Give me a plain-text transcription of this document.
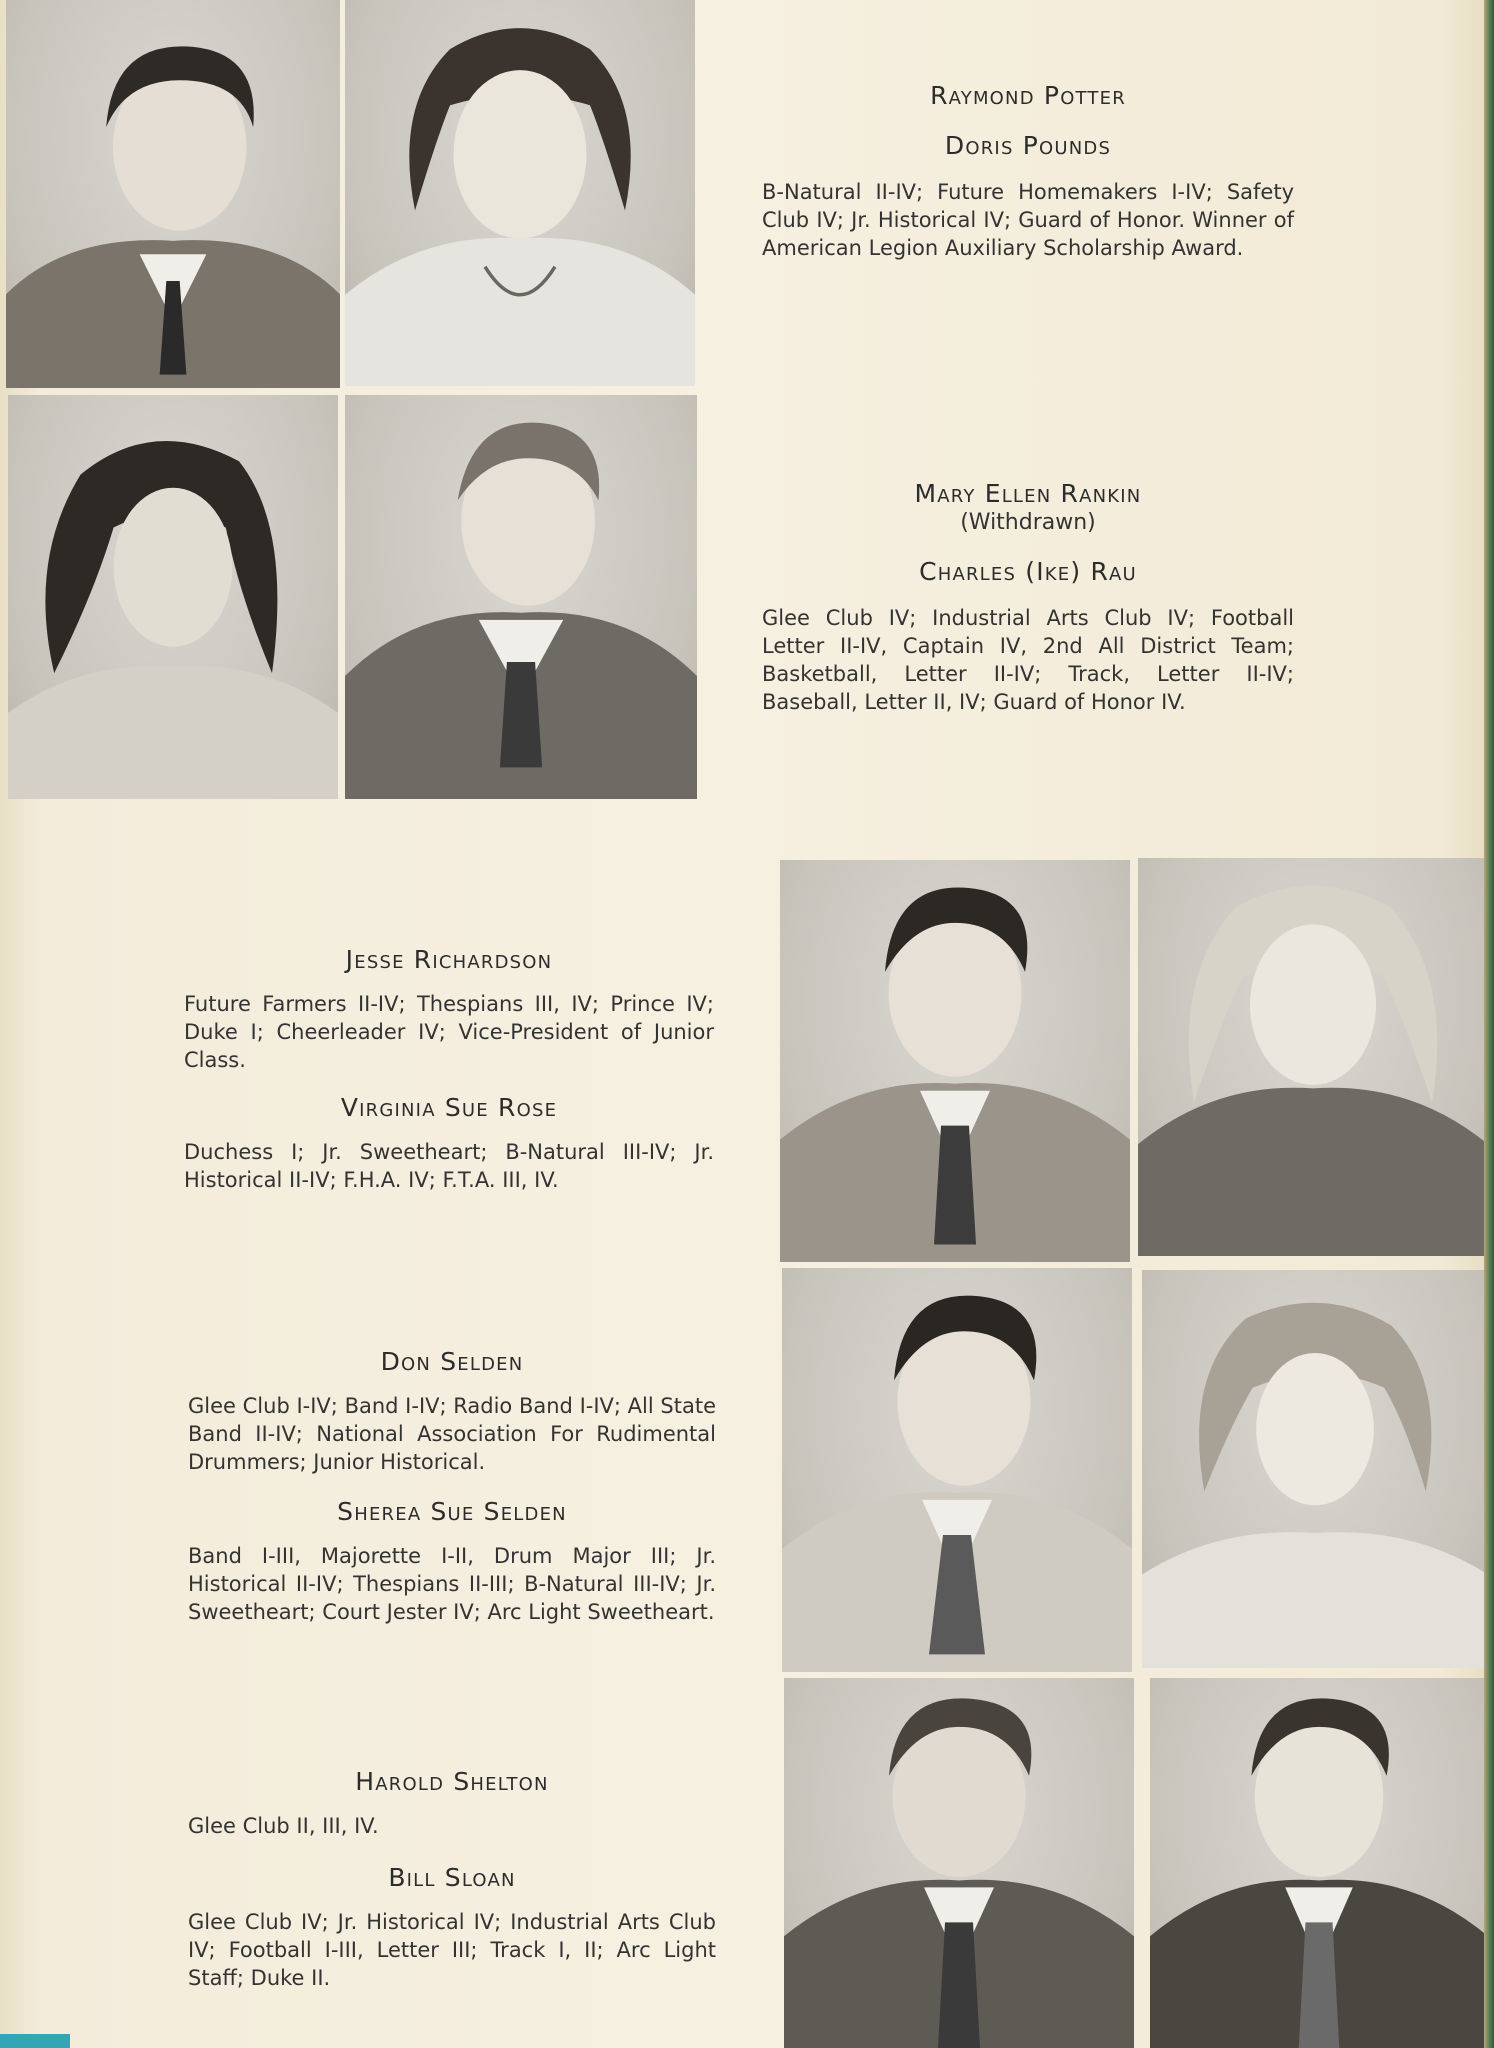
Raymond Potter
Doris Pounds
B-Natural II-IV; Future Homemakers I-IV; Safety Club IV; Jr. Historical IV; Guard of Honor. Winner of American Legion Auxiliary Scholarship Award.
Mary Ellen Rankin
(Withdrawn)
Charles (Ike) Rau
Glee Club IV; Industrial Arts Club IV; Football Letter II-IV, Captain IV, 2nd All District Team; Basketball, Letter II-IV; Track, Letter II-IV; Baseball, Letter II, IV; Guard of Honor IV.
Jesse Richardson
Future Farmers II-IV; Thespians III, IV; Prince IV; Duke I; Cheerleader IV; Vice-President of Junior Class.
Virginia Sue Rose
Duchess I; Jr. Sweetheart; B-Natural III-IV; Jr. Historical II-IV; F.H.A. IV; F.T.A. III, IV.
Don Selden
Glee Club I-IV; Band I-IV; Radio Band I-IV; All State Band II-IV; National Association For Rudimental Drummers; Junior Historical.
Sherea Sue Selden
Band I-III, Majorette I-II, Drum Major III; Jr. Historical II-IV; Thespians II-III; B-Natural III-IV; Jr. Sweetheart; Court Jester IV; Arc Light Sweetheart.
Harold Shelton
Glee Club II, III, IV.
Bill Sloan
Glee Club IV; Jr. Historical IV; Industrial Arts Club IV; Football I-III, Letter III; Track I, II; Arc Light Staff; Duke II.
